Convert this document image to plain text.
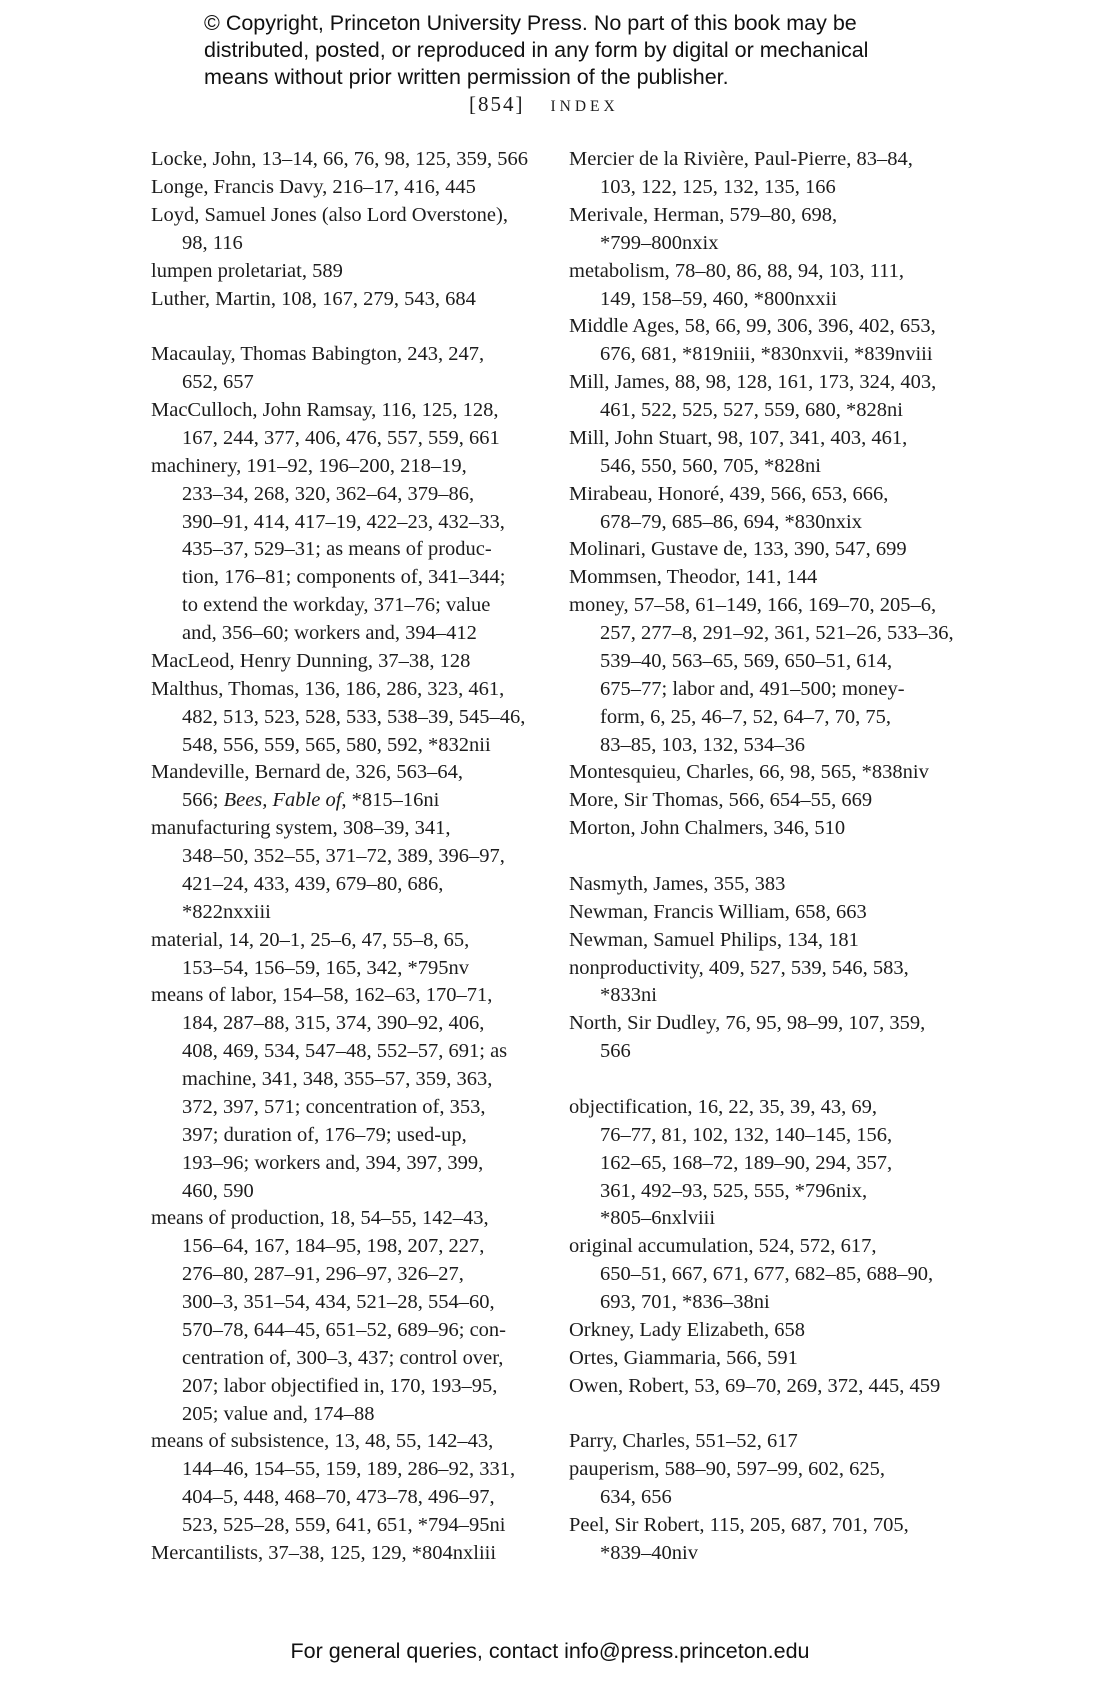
© Copyright, Princeton University Press. No part of this book may be
distributed, posted, or reproduced in any form by digital or mechanical
means without prior written permission of the publisher.
[854] INDEX
Locke, John, 13–14, 66, 76, 98, 125, 359, 566
Longe, Francis Davy, 216–17, 416, 445
Loyd, Samuel Jones (also Lord Overstone),
98, 116
lumpen proletariat, 589
Luther, Martin, 108, 167, 279, 543, 684
Macaulay, Thomas Babington, 243, 247,
652, 657
MacCulloch, John Ramsay, 116, 125, 128,
167, 244, 377, 406, 476, 557, 559, 661
machinery, 191–92, 196–200, 218–19,
233–34, 268, 320, 362–64, 379–86,
390–91, 414, 417–19, 422–23, 432–33,
435–37, 529–31; as means of produc-
tion, 176–81; components of, 341–344;
to extend the workday, 371–76; value
and, 356–60; workers and, 394–412
MacLeod, Henry Dunning, 37–38, 128
Malthus, Thomas, 136, 186, 286, 323, 461,
482, 513, 523, 528, 533, 538–39, 545–46,
548, 556, 559, 565, 580, 592, *832nii
Mandeville, Bernard de, 326, 563–64,
566; Bees, Fable of, *815–16ni
manufacturing system, 308–39, 341,
348–50, 352–55, 371–72, 389, 396–97,
421–24, 433, 439, 679–80, 686,
*822nxxiii
material, 14, 20–1, 25–6, 47, 55–8, 65,
153–54, 156–59, 165, 342, *795nv
means of labor, 154–58, 162–63, 170–71,
184, 287–88, 315, 374, 390–92, 406,
408, 469, 534, 547–48, 552–57, 691; as
machine, 341, 348, 355–57, 359, 363,
372, 397, 571; concentration of, 353,
397; duration of, 176–79; used-up,
193–96; workers and, 394, 397, 399,
460, 590
means of production, 18, 54–55, 142–43,
156–64, 167, 184–95, 198, 207, 227,
276–80, 287–91, 296–97, 326–27,
300–3, 351–54, 434, 521–28, 554–60,
570–78, 644–45, 651–52, 689–96; con-
centration of, 300–3, 437; control over,
207; labor objectified in, 170, 193–95,
205; value and, 174–88
means of subsistence, 13, 48, 55, 142–43,
144–46, 154–55, 159, 189, 286–92, 331,
404–5, 448, 468–70, 473–78, 496–97,
523, 525–28, 559, 641, 651, *794–95ni
Mercantilists, 37–38, 125, 129, *804nxliii
Mercier de la Rivière, Paul-Pierre, 83–84,
103, 122, 125, 132, 135, 166
Merivale, Herman, 579–80, 698,
*799–800nxix
metabolism, 78–80, 86, 88, 94, 103, 111,
149, 158–59, 460, *800nxxii
Middle Ages, 58, 66, 99, 306, 396, 402, 653,
676, 681, *819niii, *830nxvii, *839nviii
Mill, James, 88, 98, 128, 161, 173, 324, 403,
461, 522, 525, 527, 559, 680, *828ni
Mill, John Stuart, 98, 107, 341, 403, 461,
546, 550, 560, 705, *828ni
Mirabeau, Honoré, 439, 566, 653, 666,
678–79, 685–86, 694, *830nxix
Molinari, Gustave de, 133, 390, 547, 699
Mommsen, Theodor, 141, 144
money, 57–58, 61–149, 166, 169–70, 205–6,
257, 277–8, 291–92, 361, 521–26, 533–36,
539–40, 563–65, 569, 650–51, 614,
675–77; labor and, 491–500; money-
form, 6, 25, 46–7, 52, 64–7, 70, 75,
83–85, 103, 132, 534–36
Montesquieu, Charles, 66, 98, 565, *838niv
More, Sir Thomas, 566, 654–55, 669
Morton, John Chalmers, 346, 510
Nasmyth, James, 355, 383
Newman, Francis William, 658, 663
Newman, Samuel Philips, 134, 181
nonproductivity, 409, 527, 539, 546, 583,
*833ni
North, Sir Dudley, 76, 95, 98–99, 107, 359,
566
objectification, 16, 22, 35, 39, 43, 69,
76–77, 81, 102, 132, 140–145, 156,
162–65, 168–72, 189–90, 294, 357,
361, 492–93, 525, 555, *796nix,
*805–6nxlviii
original accumulation, 524, 572, 617,
650–51, 667, 671, 677, 682–85, 688–90,
693, 701, *836–38ni
Orkney, Lady Elizabeth, 658
Ortes, Giammaria, 566, 591
Owen, Robert, 53, 69–70, 269, 372, 445, 459
Parry, Charles, 551–52, 617
pauperism, 588–90, 597–99, 602, 625,
634, 656
Peel, Sir Robert, 115, 205, 687, 701, 705,
*839–40niv
For general queries, contact info@press.princeton.edu
